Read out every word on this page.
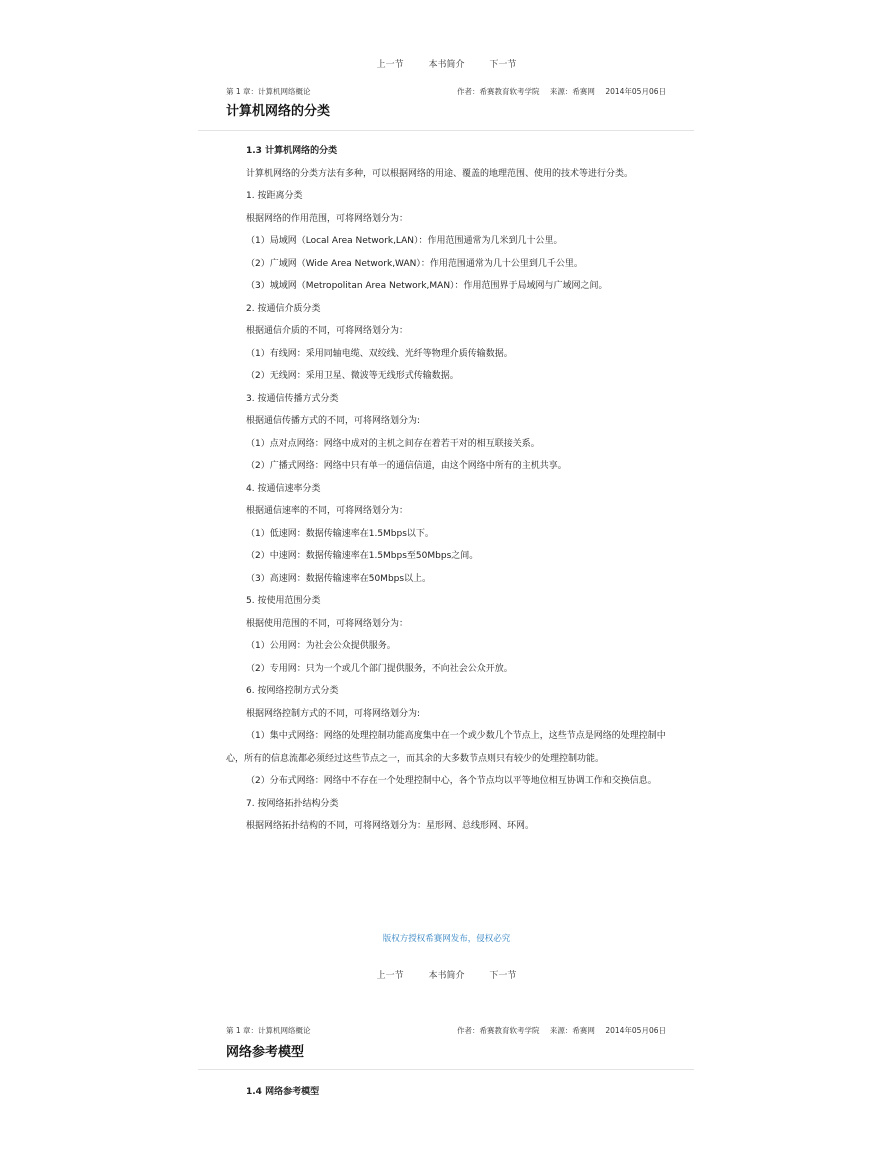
上一节	本书简介	下一节
第 1 章：计算机网络概论	作者：希赛教育软考学院 来源：希赛网 2014年05月06日
计算机网络的分类

1.3 计算机网络的分类

计算机网络的分类方法有多种，可以根据网络的用途、覆盖的地理范围、使用的技术等进行分类。

1. 按距离分类

根据网络的作用范围，可将网络划分为：

（1）局域网（Local Area Network,LAN）：作用范围通常为几米到几十公里。

（2）广域网（Wide Area Network,WAN）：作用范围通常为几十公里到几千公里。

（3）城域网（Metropolitan Area Network,MAN）：作用范围界于局域网与广域网之间。

2. 按通信介质分类

根据通信介质的不同，可将网络划分为：

（1）有线网：采用同轴电缆、双绞线、光纤等物理介质传输数据。

（2）无线网：采用卫星、微波等无线形式传输数据。

3. 按通信传播方式分类

根据通信传播方式的不同，可将网络划分为:

（1）点对点网络：网络中成对的主机之间存在着若干对的相互联接关系。

（2）广播式网络：网络中只有单一的通信信道，由这个网络中所有的主机共享。

4. 按通信速率分类

根据通信速率的不同，可将网络划分为：

（1）低速网：数据传输速率在1.5Mbps以下。

（2）中速网：数据传输速率在1.5Mbps至50Mbps之间。

（3）高速网：数据传输速率在50Mbps以上。

5. 按使用范围分类

根据使用范围的不同，可将网络划分为：

（1）公用网：为社会公众提供服务。

（2）专用网：只为一个或几个部门提供服务，不向社会公众开放。

6. 按网络控制方式分类

根据网络控制方式的不同，可将网络划分为:

（1）集中式网络：网络的处理控制功能高度集中在一个或少数几个节点上，这些节点是网络的处理控制中心，所有的信息流都必须经过这些节点之一，而其余的大多数节点则只有较少的处理控制功能。

（2）分布式网络：网络中不存在一个处理控制中心，各个节点均以平等地位相互协调工作和交换信息。

7. 按网络拓扑结构分类

根据网络拓扑结构的不同，可将网络划分为：星形网、总线形网、环网。

版权方授权希赛网发布，侵权必究
上一节	本书简介	下一节
第 1 章：计算机网络概论	作者：希赛教育软考学院 来源：希赛网 2014年05月06日
网络参考模型
1.4 网络参考模型
